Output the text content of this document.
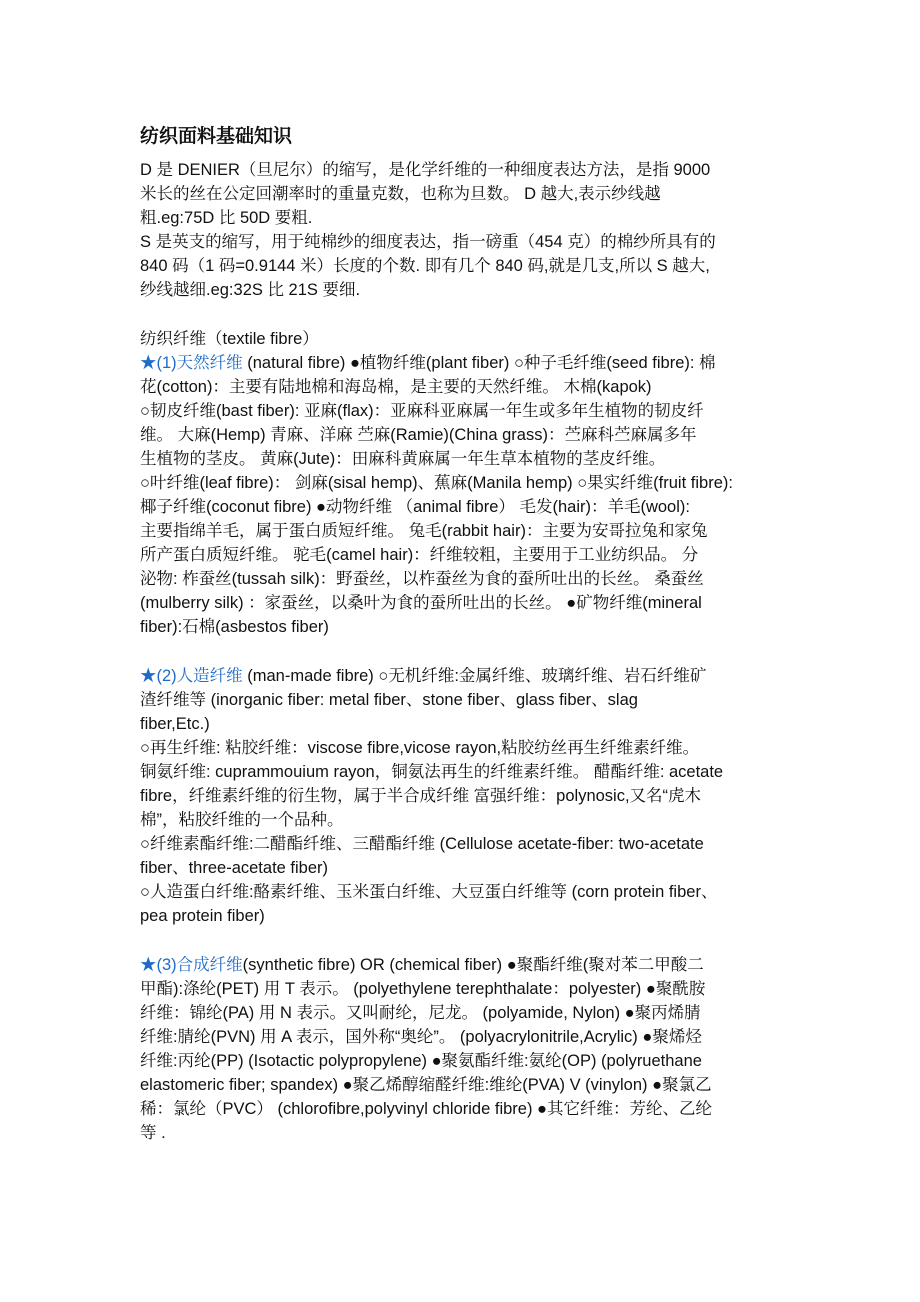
纺织面料基础知识
D 是 DENIER（旦尼尔）的缩写，是化学纤维的一种细度表达方法，是指 9000
米长的丝在公定回潮率时的重量克数，也称为旦数。 D 越大,表示纱线越
粗.eg:75D 比 50D 要粗.
S 是英支的缩写，用于纯棉纱的细度表达，指一磅重（454 克）的棉纱所具有的
840 码（1 码=0.9144 米）长度的个数. 即有几个 840 码,就是几支,所以 S 越大,
纱线越细.eg:32S 比 21S 要细.
纺织纤维（textile fibre）
★(1)天然纤维 (natural fibre) ●植物纤维(plant fiber) ○种子毛纤维(seed fibre): 棉
花(cotton)：主要有陆地棉和海岛棉，是主要的天然纤维。 木棉(kapok)
○韧皮纤维(bast fiber): 亚麻(flax)：亚麻科亚麻属一年生或多年生植物的韧皮纤
维。 大麻(Hemp) 青麻、洋麻 苎麻(Ramie)(China grass)：苎麻科苎麻属多年
生植物的茎皮。 黄麻(Jute)：田麻科黄麻属一年生草本植物的茎皮纤维。
○叶纤维(leaf fibre)： 剑麻(sisal hemp)、蕉麻(Manila hemp) ○果实纤维(fruit fibre):
椰子纤维(coconut fibre) ●动物纤维 （animal fibre） 毛发(hair)：羊毛(wool):
主要指绵羊毛，属于蛋白质短纤维。 兔毛(rabbit hair)：主要为安哥拉兔和家兔
所产蛋白质短纤维。 驼毛(camel hair)：纤维较粗，主要用于工业纺织品。 分
泌物: 柞蚕丝(tussah silk)：野蚕丝，以柞蚕丝为食的蚕所吐出的长丝。 桑蚕丝
(mulberry silk) ：家蚕丝，以桑叶为食的蚕所吐出的长丝。 ●矿物纤维(mineral
fiber):石棉(asbestos fiber)
★(2)人造纤维 (man-made fibre) ○无机纤维:金属纤维、玻璃纤维、岩石纤维矿
渣纤维等 (inorganic fiber: metal fiber、stone fiber、glass fiber、slag
fiber,Etc.)
○再生纤维: 粘胶纤维：viscose fibre,vicose rayon,粘胶纺丝再生纤维素纤维。
铜氨纤维: cuprammouium rayon，铜氨法再生的纤维素纤维。 醋酯纤维: acetate
fibre，纤维素纤维的衍生物，属于半合成纤维 富强纤维：polynosic,又名“虎木
棉”，粘胶纤维的一个品种。
○纤维素酯纤维:二醋酯纤维、三醋酯纤维 (Cellulose acetate-fiber: two-acetate
fiber、three-acetate fiber)
○人造蛋白纤维:酪素纤维、玉米蛋白纤维、大豆蛋白纤维等 (corn protein fiber、
pea protein fiber)
★(3)合成纤维(synthetic fibre) OR (chemical fiber) ●聚酯纤维(聚对苯二甲酸二
甲酯):涤纶(PET) 用 T 表示。 (polyethylene terephthalate：polyester) ●聚酰胺
纤维：锦纶(PA) 用 N 表示。又叫耐纶，尼龙。 (polyamide, Nylon) ●聚丙烯腈
纤维:腈纶(PVN) 用 A 表示，国外称“奥纶”。 (polyacrylonitrile,Acrylic) ●聚烯烃
纤维:丙纶(PP) (Isotactic polypropylene) ●聚氨酯纤维:氨纶(OP) (polyruethane
elastomeric fiber; spandex) ●聚乙烯醇缩醛纤维:维纶(PVA) V (vinylon) ●聚氯乙
稀：氯纶（PVC） (chlorofibre,polyvinyl chloride fibre) ●其它纤维：芳纶、乙纶
等 .
